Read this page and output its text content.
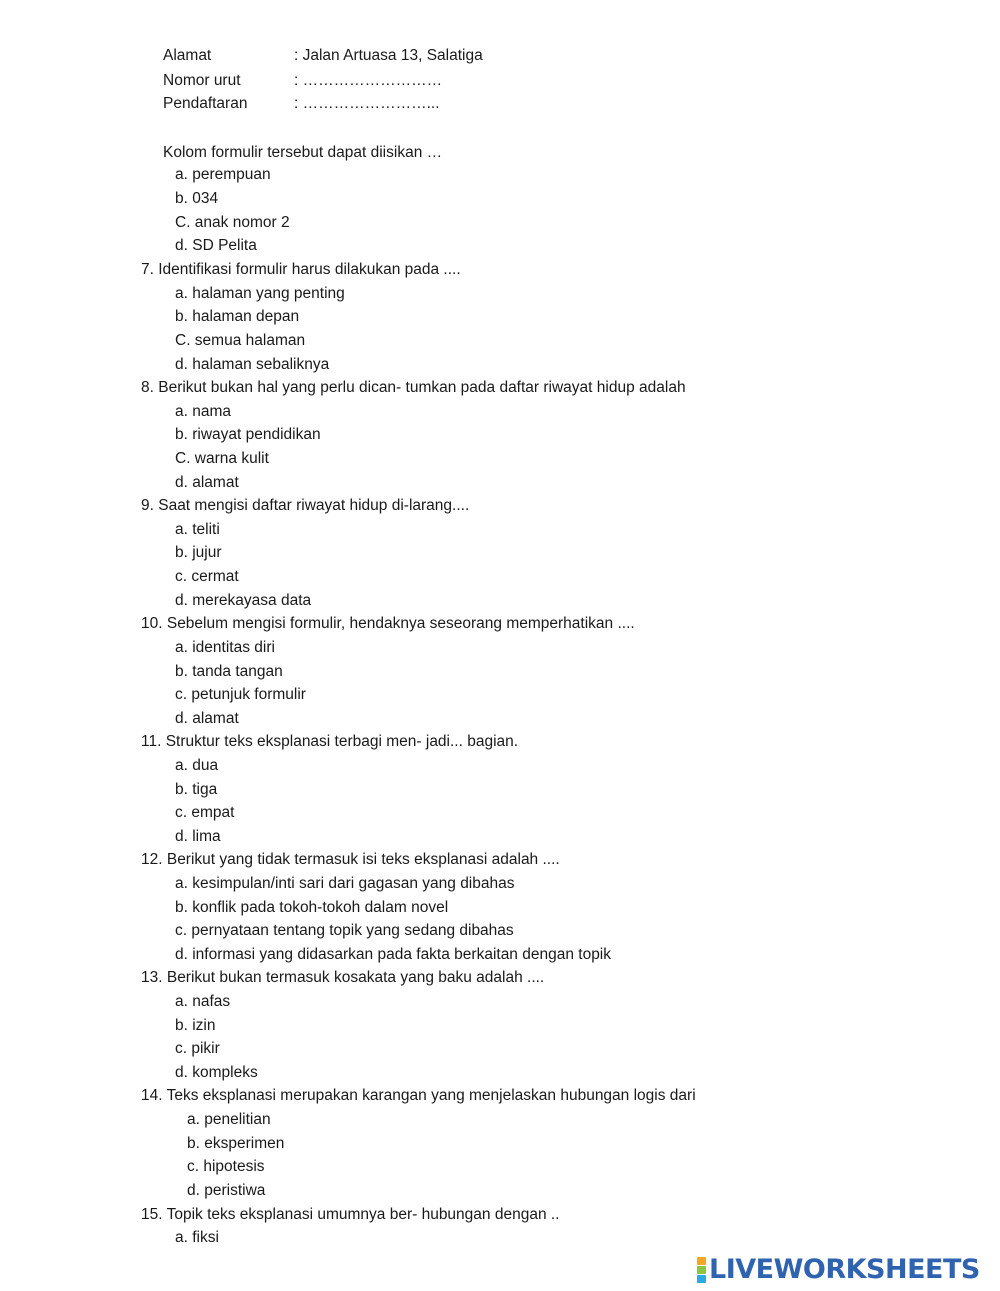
Alamat	: Jalan Artuasa 13, Salatiga
Nomor urut	: ………………………
Pendaftaran	: ……………………...
Kolom formulir tersebut dapat diisikan …
a. perempuan
b. 034
C. anak nomor 2
d. SD Pelita
7. Identifikasi formulir harus dilakukan pada ....
a. halaman yang penting
b. halaman depan
C. semua halaman
d. halaman sebaliknya
8. Berikut bukan hal yang perlu dican- tumkan pada daftar riwayat hidup adalah
a. nama
b. riwayat pendidikan
C. warna kulit
d. alamat
9. Saat mengisi daftar riwayat hidup di-larang....
a. teliti
b. jujur
c. cermat
d. merekayasa data
10. Sebelum mengisi formulir, hendaknya seseorang memperhatikan ....
a. identitas diri
b. tanda tangan
c. petunjuk formulir
d. alamat
11. Struktur teks eksplanasi terbagi men- jadi... bagian.
a. dua
b. tiga
c. empat
d. lima
12. Berikut yang tidak termasuk isi teks eksplanasi adalah ....
a. kesimpulan/inti sari dari gagasan yang dibahas
b. konflik pada tokoh-tokoh dalam novel
c. pernyataan tentang topik yang sedang dibahas
d. informasi yang didasarkan pada fakta berkaitan dengan topik
13. Berikut bukan termasuk kosakata yang baku adalah ....
a. nafas
b. izin
c. pikir
d. kompleks
14. Teks eksplanasi merupakan karangan yang menjelaskan hubungan logis dari
a. penelitian
b. eksperimen
c. hipotesis
d. peristiwa
15. Topik teks eksplanasi umumnya ber- hubungan dengan ..
a. fiksi
LIVEWORKSHEETS
